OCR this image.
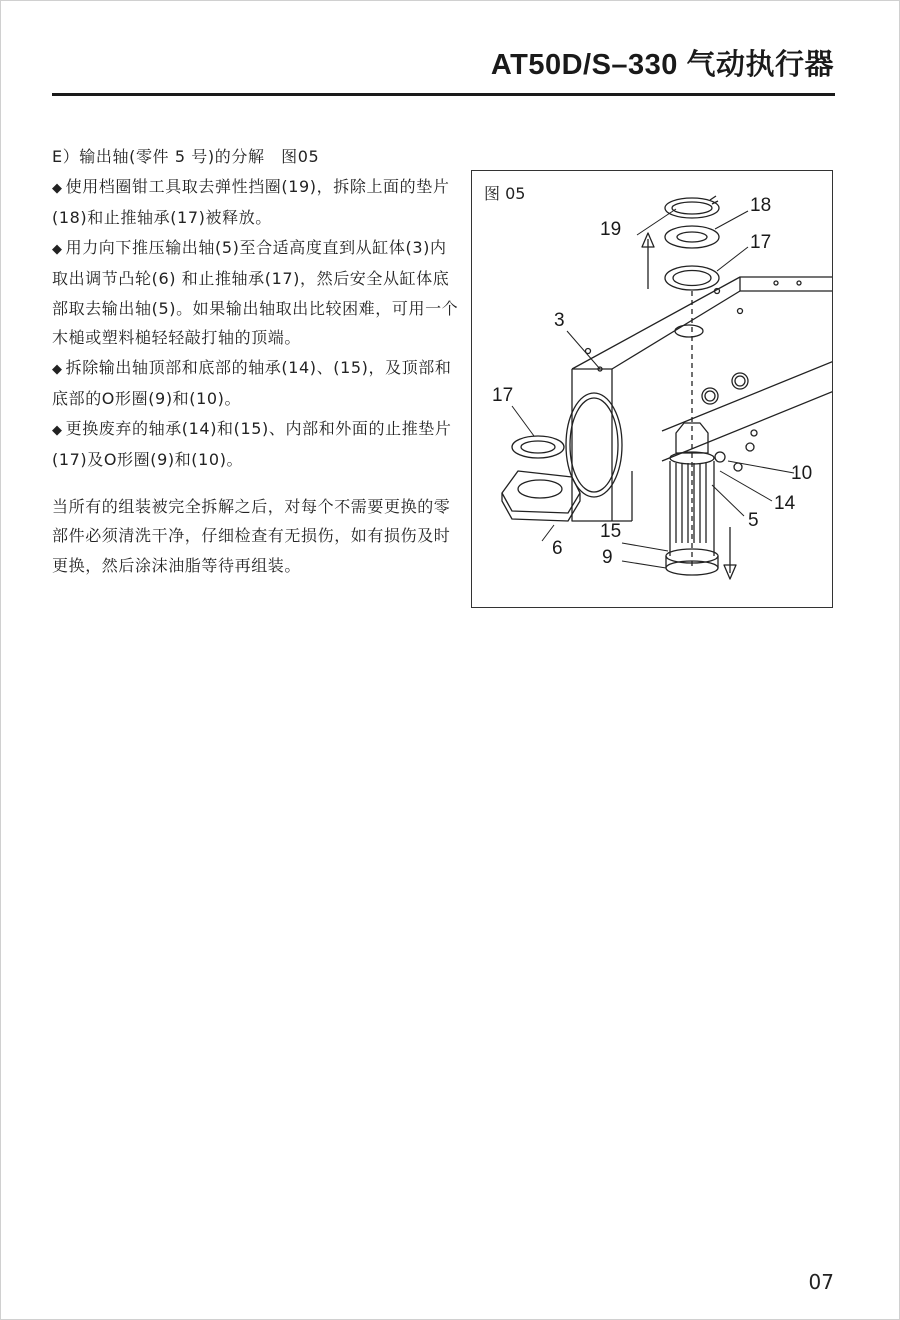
AT50D/S–330 气动执行器

E）输出轴(零件 5 号)的分解　图05

◆ 使用档圈钳工具取去弹性挡圈(19)，拆除上面的垫片(18)和止推轴承(17)被释放。

◆ 用力向下推压输出轴(5)至合适高度直到从缸体(3)内取出调节凸轮(6) 和止推轴承(17)，然后安全从缸体底部取去输出轴(5)。如果输出轴取出比较困难，可用一个木槌或塑料槌轻轻敲打轴的顶端。

◆ 拆除输出轴顶部和底部的轴承(14)、(15)，及顶部和底部的O形圈(9)和(10)。

◆ 更换废弃的轴承(14)和(15)、内部和外面的止推垫片(17)及O形圈(9)和(10)。

当所有的组装被完全拆解之后，对每个不需要更换的零部件必须清洗干净，仔细检查有无损伤，如有损伤及时更换，然后涂沫油脂等待再组装。

图 05
19
18
17
3
17
10
14
5
15
6 9
07
